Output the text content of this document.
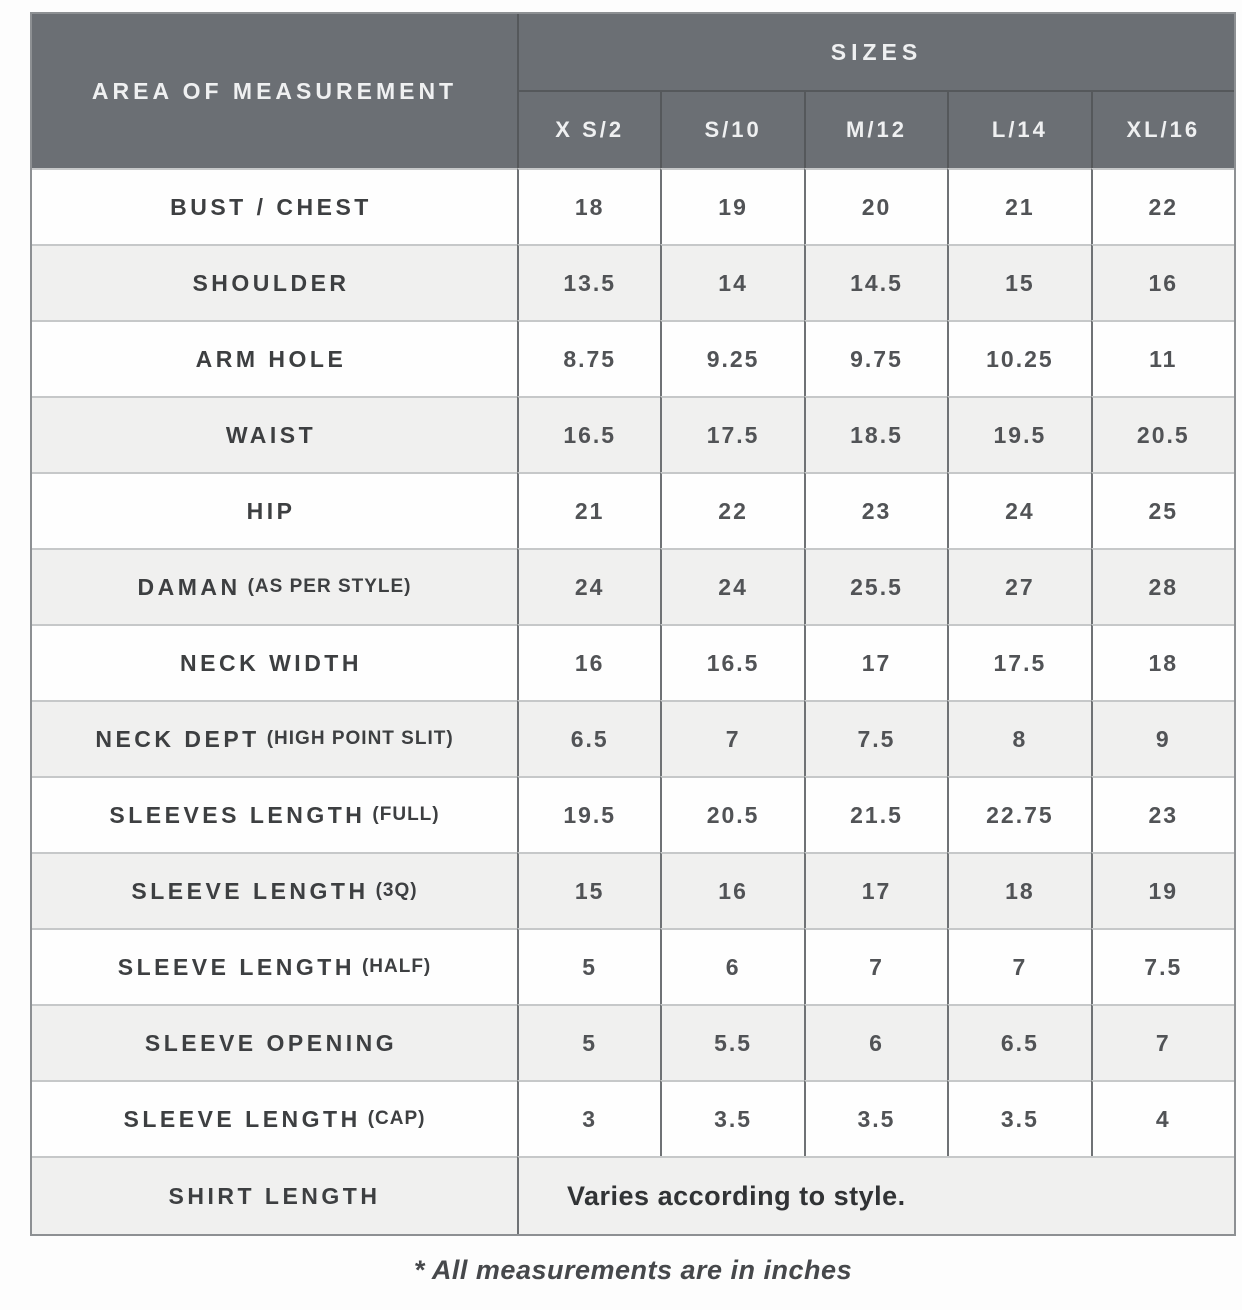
AREA OF MEASUREMENT
SIZES
X S/2	S/10	M/12	L/14	XL/16
BUST / CHEST	18	19	20	21	22
SHOULDER	13.5	14	14.5	15	16
ARM HOLE	8.75	9.25	9.75	10.25	11
WAIST	16.5	17.5	18.5	19.5	20.5
HIP	21	22	23	24	25
DAMAN (AS PER STYLE)	24	24	25.5	27	28
NECK WIDTH	16	16.5	17	17.5	18
NECK DEPT (HIGH POINT SLIT)	6.5	7	7.5	8	9
SLEEVES LENGTH (FULL)	19.5	20.5	21.5	22.75	23
SLEEVE LENGTH (3Q)	15	16	17	18	19
SLEEVE LENGTH (HALF)	5	6	7	7	7.5
SLEEVE OPENING	5	5.5	6	6.5	7
SLEEVE LENGTH (CAP)	3	3.5	3.5	3.5	4
SHIRT LENGTH	Varies according to style.
* All measurements are in inches
